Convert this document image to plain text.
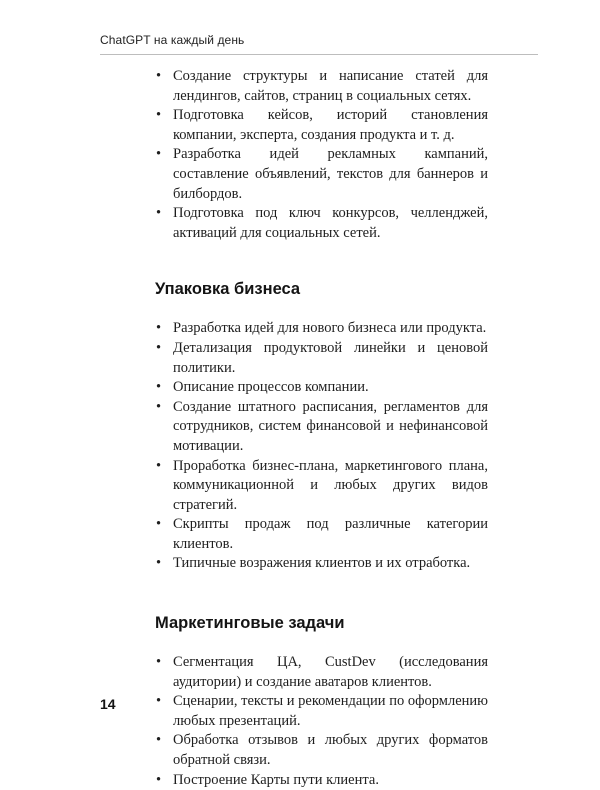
ChatGPT на каждый день
• Создание структуры и написание статей для лендингов, сайтов, страниц в социальных сетях.
• Подготовка кейсов, историй становления компании, эксперта, создания продукта и т. д.
• Разработка идей рекламных кампаний, составление объявлений, текстов для баннеров и билбордов.
• Подготовка под ключ конкурсов, челленджей, активаций для социальных сетей.
Упаковка бизнеса
• Разработка идей для нового бизнеса или продукта.
• Детализация продуктовой линейки и ценовой политики.
• Описание процессов компании.
• Создание штатного расписания, регламентов для сотрудников, систем финансовой и нефинансовой мотивации.
• Проработка бизнес-плана, маркетингового плана, коммуникационной и любых других видов стратегий.
• Скрипты продаж под различные категории клиентов.
• Типичные возражения клиентов и их отработка.
Маркетинговые задачи
• Сегментация ЦА, CustDev (исследования аудитории) и создание аватаров клиентов.
• Сценарии, тексты и рекомендации по оформлению любых презентаций.
• Обработка отзывов и любых других форматов обратной связи.
• Построение Карты пути клиента.
14
